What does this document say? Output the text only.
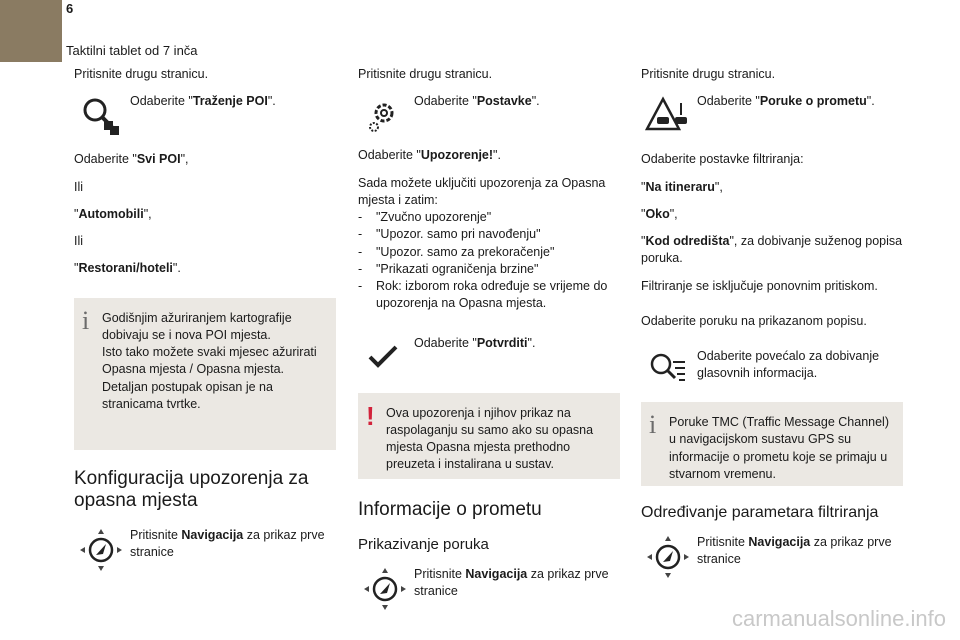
6
Taktilni tablet od 7 inča
Pritisnite drugu stranicu.
Odaberite "Traženje POI".
Odaberite "Svi POI",
Ili
"Automobili",
Ili
"Restorani/hoteli".
i Godišnjim ažuriranjem kartografije dobivaju se i nova POI mjesta.
Isto tako možete svaki mjesec ažurirati Opasna mjesta / Opasna mjesta.
Detaljan postupak opisan je na stranicama tvrtke.
Konfiguracija upozorenja za opasna mjesta
Pritisnite Navigacija za prikaz prve stranice
Pritisnite drugu stranicu.
Odaberite "Postavke".
Odaberite "Upozorenje!".
Sada možete uključiti upozorenja za Opasna mjesta i zatim:
- "Zvučno upozorenje"
- "Upozor. samo pri navođenju"
- "Upozor. samo za prekoračenje"
- "Prikazati ograničenja brzine"
- Rok: izborom roka određuje se vrijeme do upozorenja na Opasna mjesta.
Odaberite "Potvrditi".
! Ova upozorenja i njihov prikaz na raspolaganju su samo ako su opasna mjesta Opasna mjesta prethodno preuzeta i instalirana u sustav.
Informacije o prometu
Prikazivanje poruka
Pritisnite Navigacija za prikaz prve stranice
Pritisnite drugu stranicu.
Odaberite "Poruke o prometu".
Odaberite postavke filtriranja:
"Na itineraru",
"Oko",
"Kod odredišta", za dobivanje suženog popisa poruka.
Filtriranje se isključuje ponovnim pritiskom.
Odaberite poruku na prikazanom popisu.
Odaberite povećalo za dobivanje glasovnih informacija.
i Poruke TMC (Traffic Message Channel) u navigacijskom sustavu GPS su informacije o prometu koje se primaju u stvarnom vremenu.
Određivanje parametara filtriranja
Pritisnite Navigacija za prikaz prve stranice
carmanualsonline.info
